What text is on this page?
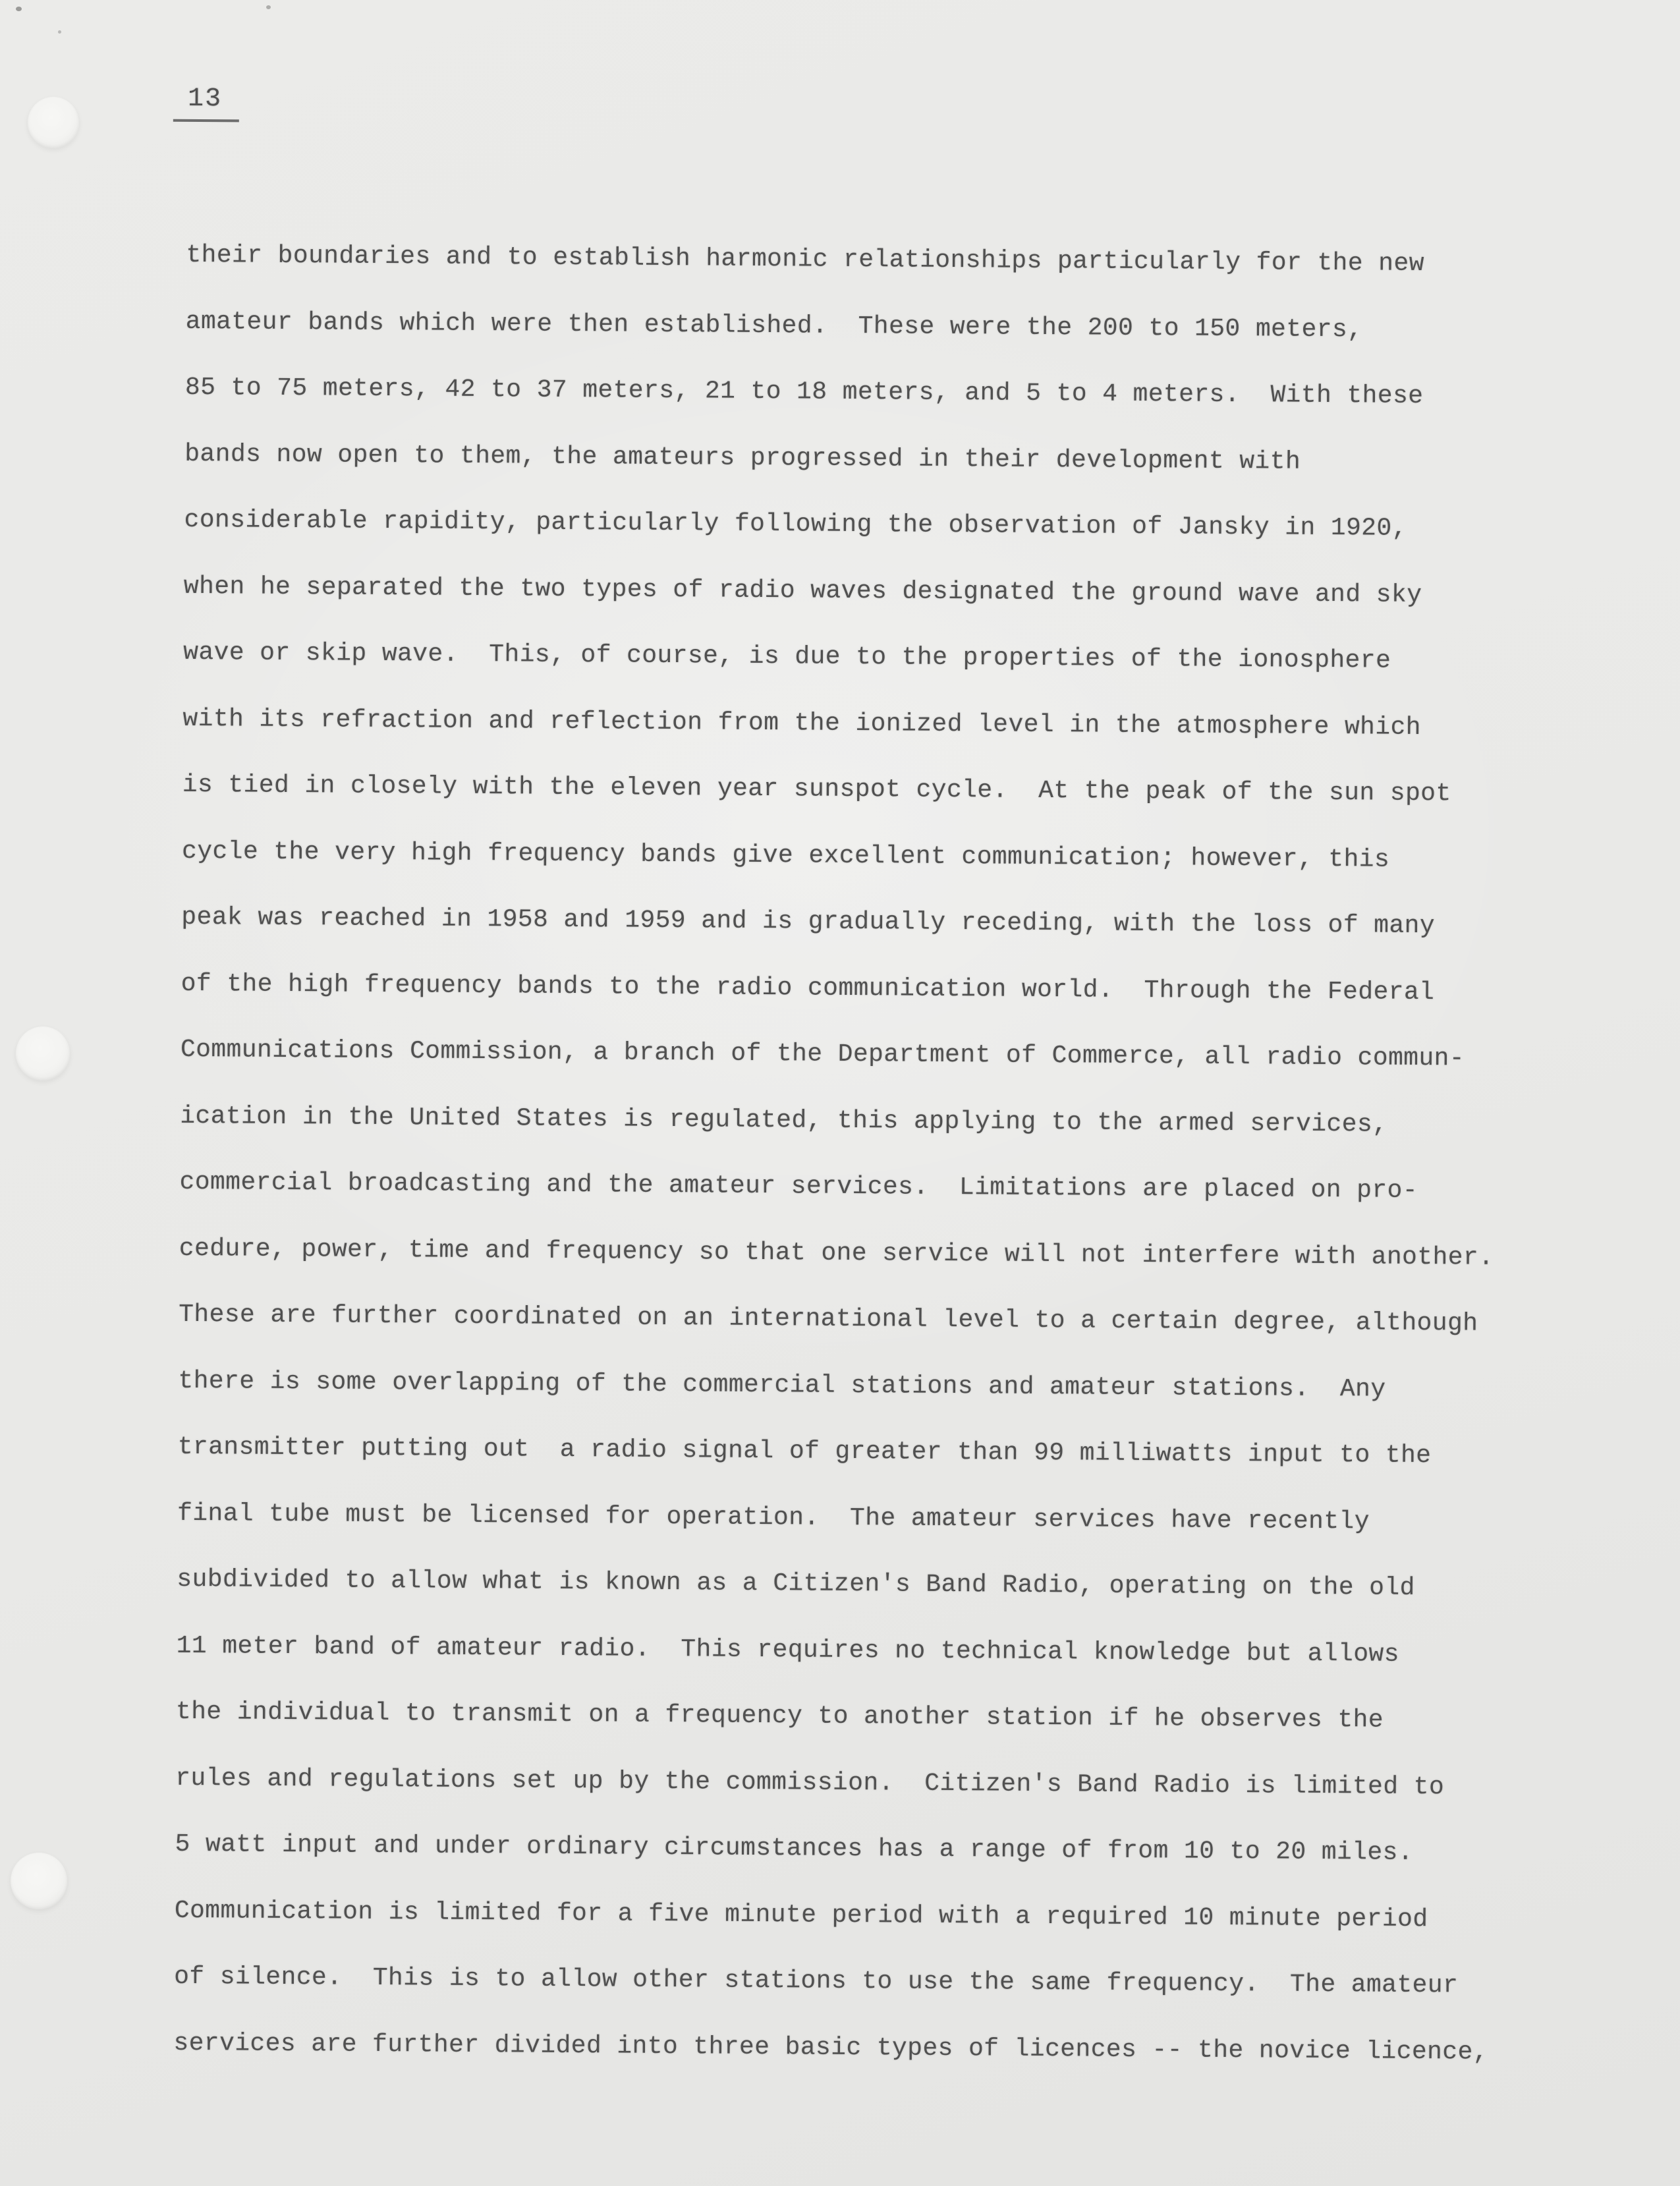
13
their boundaries and to establish harmonic relationships particularly for the new
amateur bands which were then established.  These were the 200 to 150 meters,
85 to 75 meters, 42 to 37 meters, 21 to 18 meters, and 5 to 4 meters.  With these
bands now open to them, the amateurs progressed in their development with
considerable rapidity, particularly following the observation of Jansky in 1920,
when he separated the two types of radio waves designated the ground wave and sky
wave or skip wave.  This, of course, is due to the properties of the ionosphere
with its refraction and reflection from the ionized level in the atmosphere which
is tied in closely with the eleven year sunspot cycle.  At the peak of the sun spot
cycle the very high frequency bands give excellent communication; however, this
peak was reached in 1958 and 1959 and is gradually receding, with the loss of many
of the high frequency bands to the radio communication world.  Through the Federal
Communications Commission, a branch of the Department of Commerce, all radio commun-
ication in the United States is regulated, this applying to the armed services,
commercial broadcasting and the amateur services.  Limitations are placed on pro-
cedure, power, time and frequency so that one service will not interfere with another.
These are further coordinated on an international level to a certain degree, although
there is some overlapping of the commercial stations and amateur stations.  Any
transmitter putting out  a radio signal of greater than 99 milliwatts input to the
final tube must be licensed for operation.  The amateur services have recently
subdivided to allow what is known as a Citizen's Band Radio, operating on the old
11 meter band of amateur radio.  This requires no technical knowledge but allows
the individual to transmit on a frequency to another station if he observes the
rules and regulations set up by the commission.  Citizen's Band Radio is limited to
5 watt input and under ordinary circumstances has a range of from 10 to 20 miles.
Communication is limited for a five minute period with a required 10 minute period
of silence.  This is to allow other stations to use the same frequency.  The amateur
services are further divided into three basic types of licences -- the novice licence,
